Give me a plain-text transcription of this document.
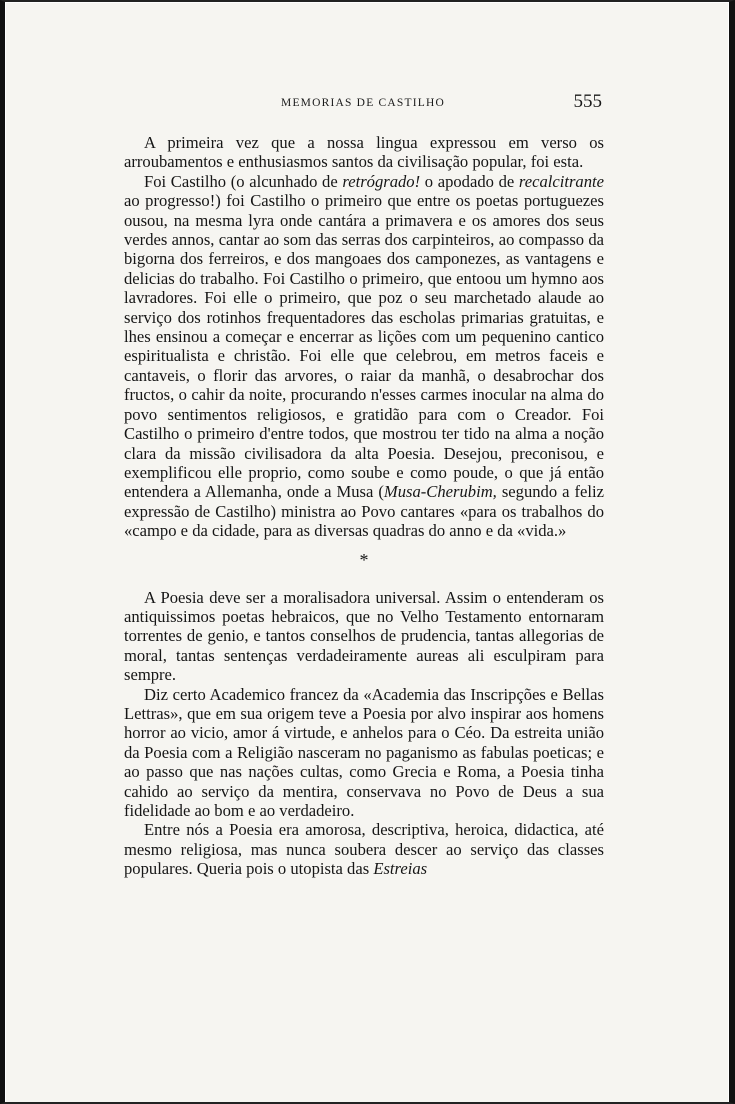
MEMORIAS DE CASTILHO	555

A primeira vez que a nossa lingua expressou em verso os arroubamentos e enthusiasmos santos da civilisação popular, foi esta.

Foi Castilho (o alcunhado de retrógrado! o apodado de recalcitrante ao progresso!) foi Castilho o primeiro que entre os poetas portuguezes ousou, na mesma lyra onde cantára a primavera e os amores dos seus verdes annos, cantar ao som das serras dos carpinteiros, ao compasso da bigorna dos ferreiros, e dos mangoaes dos camponezes, as vantagens e delicias do trabalho. Foi Castilho o primeiro, que entoou um hymno aos lavradores. Foi elle o primeiro, que poz o seu marchetado alaude ao serviço dos rotinhos frequentadores das escholas primarias gratuitas, e lhes ensinou a começar e encerrar as lições com um pequenino cantico espiritualista e christão. Foi elle que celebrou, em metros faceis e cantaveis, o florir das arvores, o raiar da manhã, o desabrochar dos fructos, o cahir da noite, procurando n'esses carmes inocular na alma do povo sentimentos religiosos, e gratidão para com o Creador. Foi Castilho o primeiro d'entre todos, que mostrou ter tido na alma a noção clara da missão civilisadora da alta Poesia. Desejou, preconisou, e exemplificou elle proprio, como soube e como poude, o que já então entendera a Allemanha, onde a Musa (Musa-Cherubim, segundo a feliz expressão de Castilho) ministra ao Povo cantares «para os trabalhos do «campo e da cidade, para as diversas quadras do anno e da «vida.»

*

A Poesia deve ser a moralisadora universal. Assim o entenderam os antiquissimos poetas hebraicos, que no Velho Testamento entornaram torrentes de genio, e tantos conselhos de prudencia, tantas allegorias de moral, tantas sentenças verdadeiramente aureas ali esculpiram para sempre.

Diz certo Academico francez da «Academia das Inscripções e Bellas Lettras», que em sua origem teve a Poesia por alvo inspirar aos homens horror ao vicio, amor á virtude, e anhelos para o Céo. Da estreita união da Poesia com a Religião nasceram no paganismo as fabulas poeticas; e ao passo que nas nações cultas, como Grecia e Roma, a Poesia tinha cahido ao serviço da mentira, conservava no Povo de Deus a sua fidelidade ao bom e ao verdadeiro.

Entre nós a Poesia era amorosa, descriptiva, heroica, didactica, até mesmo religiosa, mas nunca soubera descer ao serviço das classes populares. Queria pois o utopista das Estreias
